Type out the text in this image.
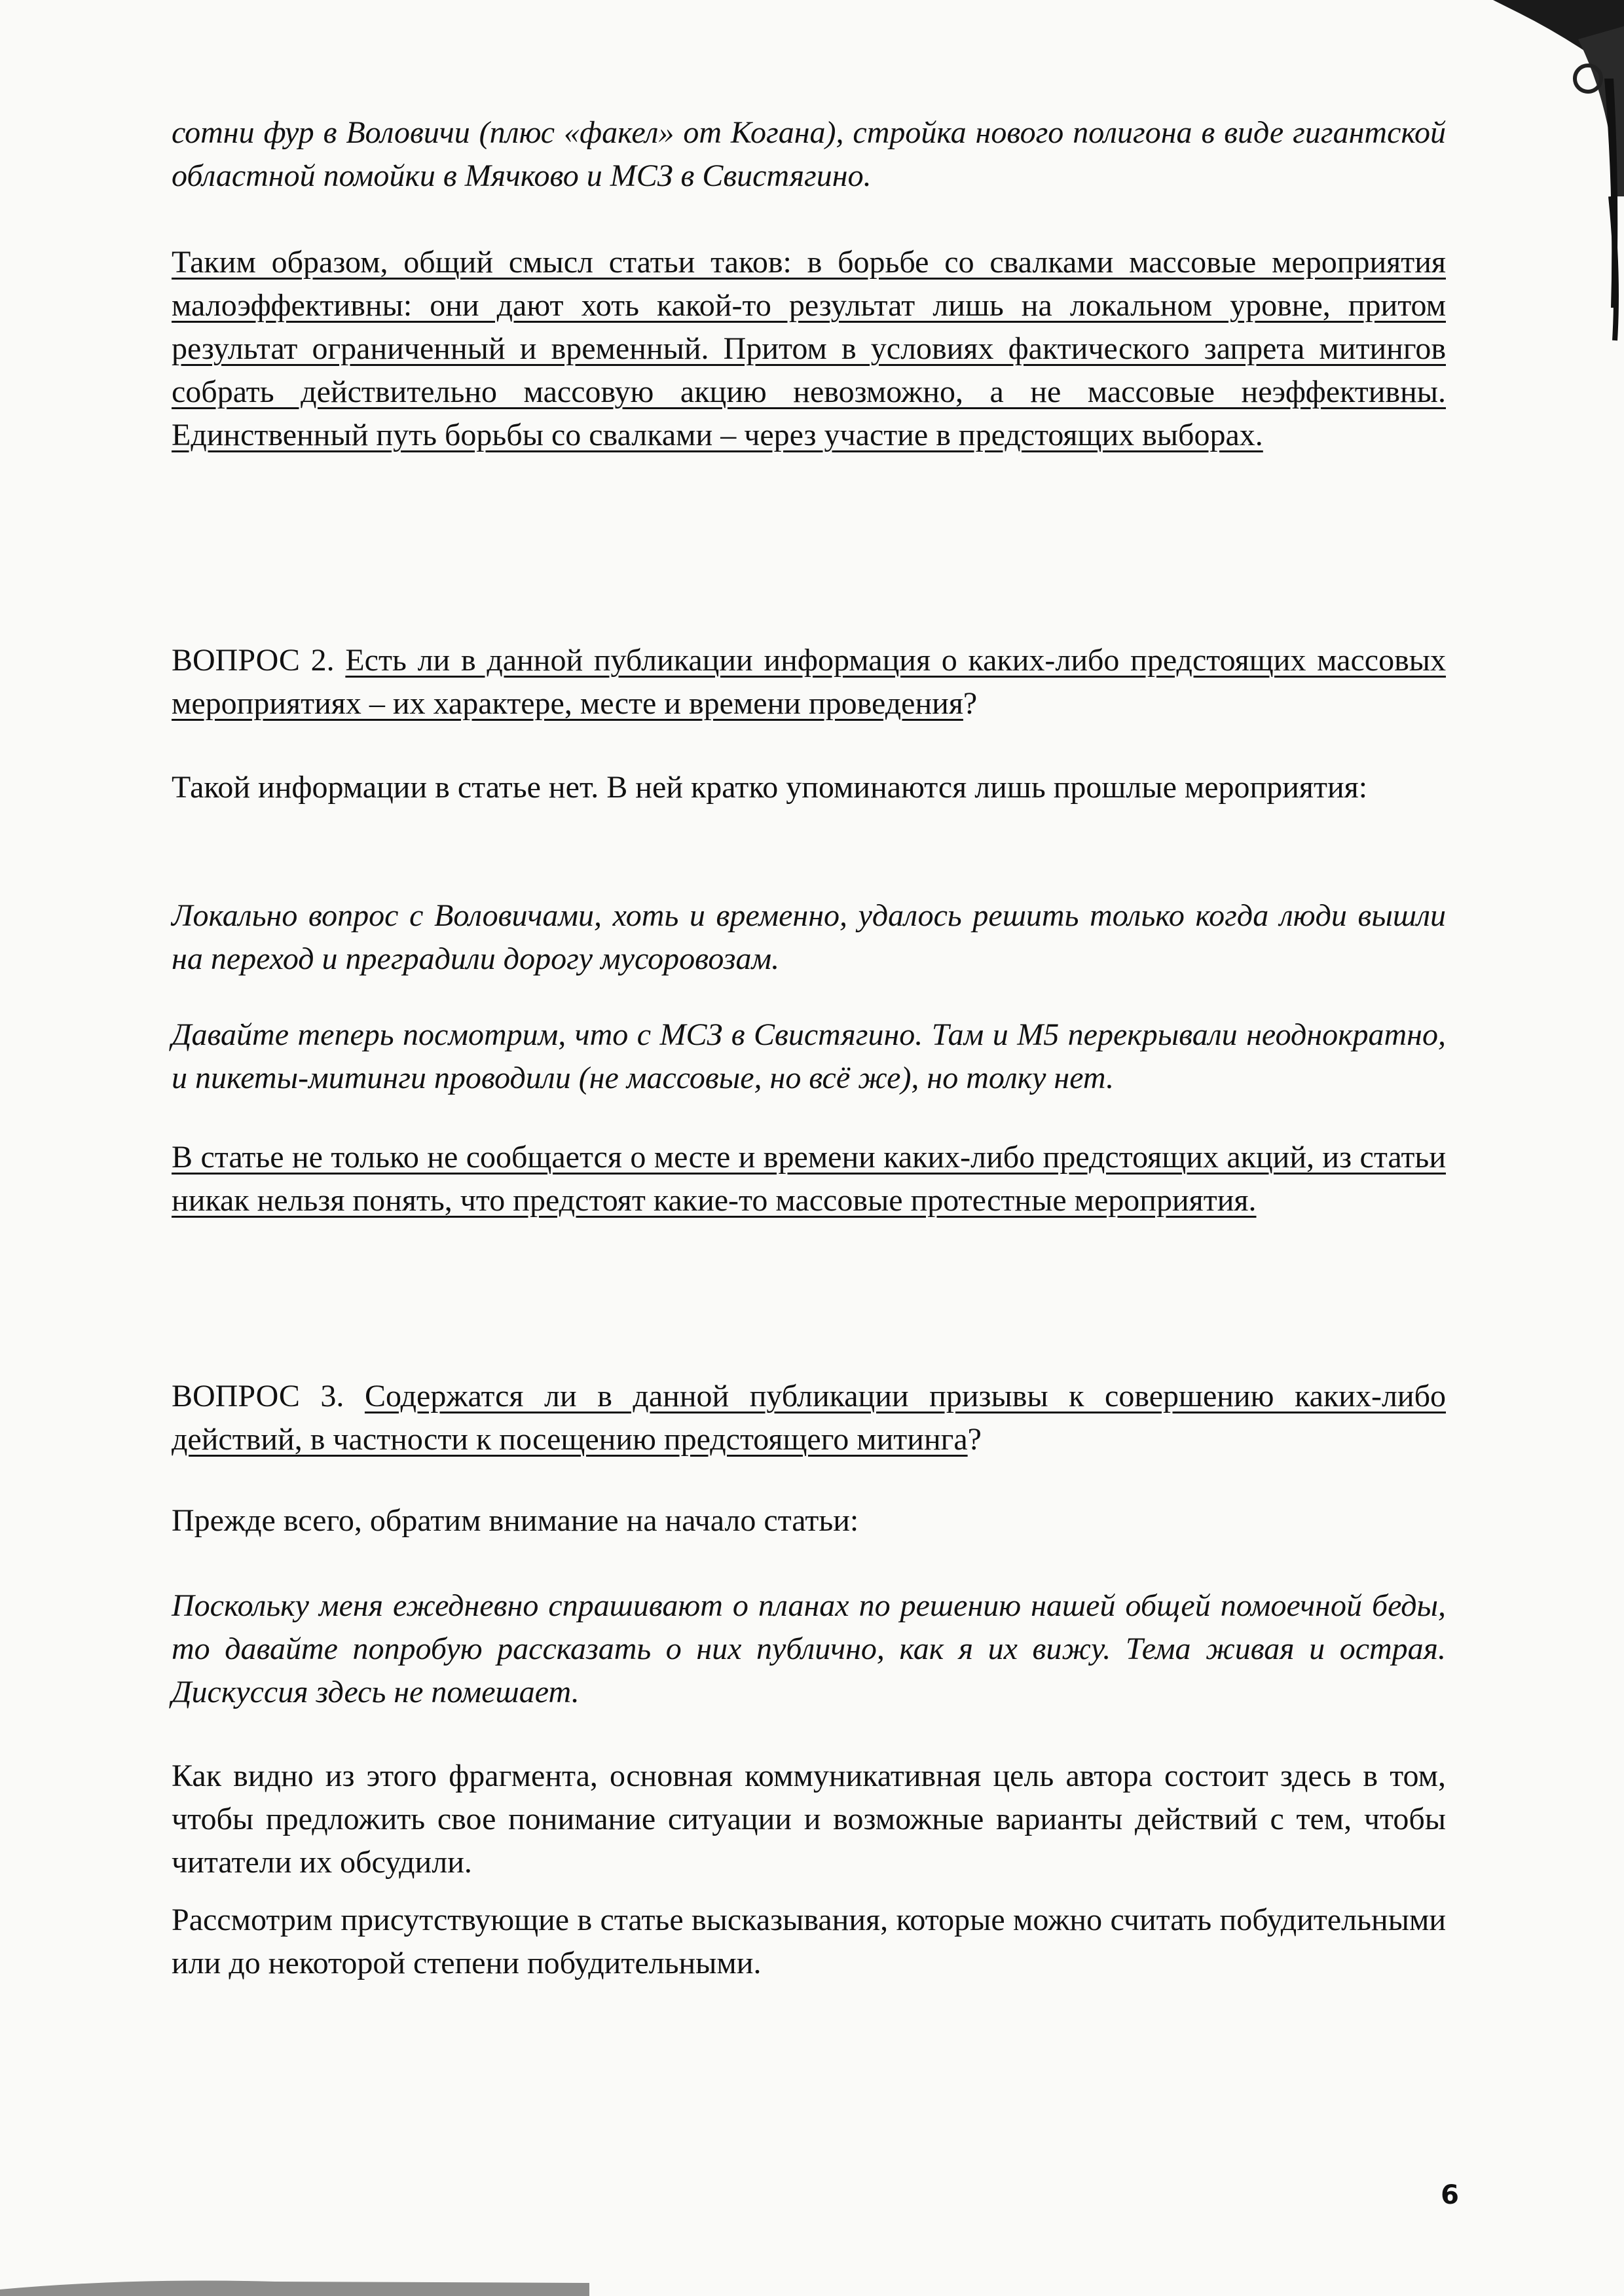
сотни фур в Воловичи (плюс «факел» от Когана), стройка нового полигона в виде гигантской областной помойки в Мячково и МСЗ в Свистягино.

Таким образом, общий смысл статьи таков: в борьбе со свалками массовые мероприятия малоэффективны: они дают хоть какой-то результат лишь на локальном уровне, притом результат ограниченный и временный. Притом в условиях фактического запрета митингов собрать действительно массовую акцию невозможно, а не массовые неэффективны. Единственный путь борьбы со свалками – через участие в предстоящих выборах.

ВОПРОС 2. Есть ли в данной публикации информация о каких-либо предстоящих массовых мероприятиях – их характере, месте и времени проведения?

Такой информации в статье нет. В ней кратко упоминаются лишь прошлые мероприятия:

Локально вопрос с Воловичами, хоть и временно, удалось решить только когда люди вышли на переход и преградили дорогу мусоровозам.

Давайте теперь посмотрим, что с МСЗ в Свистягино. Там и М5 перекрывали неоднократно, и пикеты-митинги проводили (не массовые, но всё же), но толку нет.

В статье не только не сообщается о месте и времени каких-либо предстоящих акций, из статьи никак нельзя понять, что предстоят какие-то массовые протестные мероприятия.

ВОПРОС 3. Содержатся ли в данной публикации призывы к совершению каких-либо действий, в частности к посещению предстоящего митинга?

Прежде всего, обратим внимание на начало статьи:

Поскольку меня ежедневно спрашивают о планах по решению нашей общей помоечной беды, то давайте попробую рассказать о них публично, как я их вижу. Тема живая и острая. Дискуссия здесь не помешает.

Как видно из этого фрагмента, основная коммуникативная цель автора состоит здесь в том, чтобы предложить свое понимание ситуации и возможные варианты действий с тем, чтобы читатели их обсудили.

Рассмотрим присутствующие в статье высказывания, которые можно считать побудительными или до некоторой степени побудительными.

6
